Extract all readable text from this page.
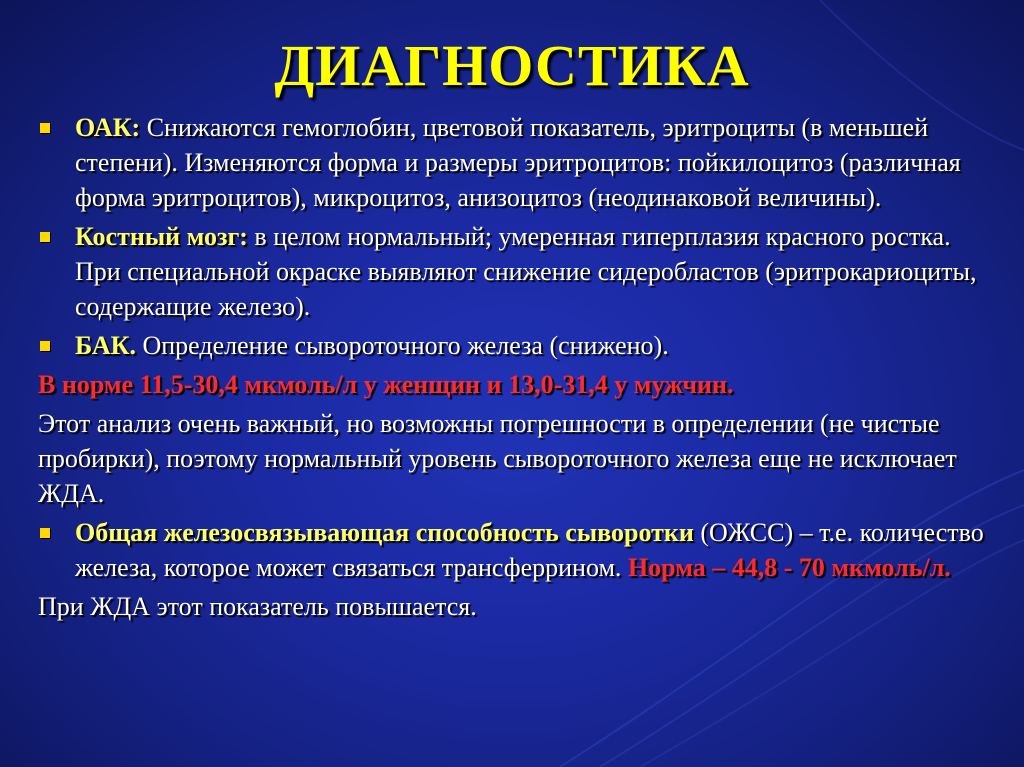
ДИАГНОСТИКА
ОАК: Снижаются гемоглобин, цветовой показатель, эритроциты (в меньшей степени). Изменяются форма и размеры эритроцитов: пойкилоцитоз (различная форма эритроцитов), микроцитоз, анизоцитоз (неодинаковой величины).
Костный мозг: в целом нормальный; умеренная гиперплазия красного ростка. При специальной окраске выявляют снижение сидеробластов (эритрокариоциты, содержащие железо).
БАК. Определение сывороточного железа (снижено).

В норме 11,5-30,4 мкмоль/л у женщин и 13,0-31,4 у мужчин.

Этот анализ очень важный, но возможны погрешности в определении (не чистые пробирки), поэтому нормальный уровень сывороточного железа еще не исключает ЖДА.

Общая железосвязывающая способность сыворотки (ОЖСС) – т.е. количество железа, которое может связаться трансферрином. Норма – 44,8 - 70 мкмоль/л.

При ЖДА этот показатель повышается.
